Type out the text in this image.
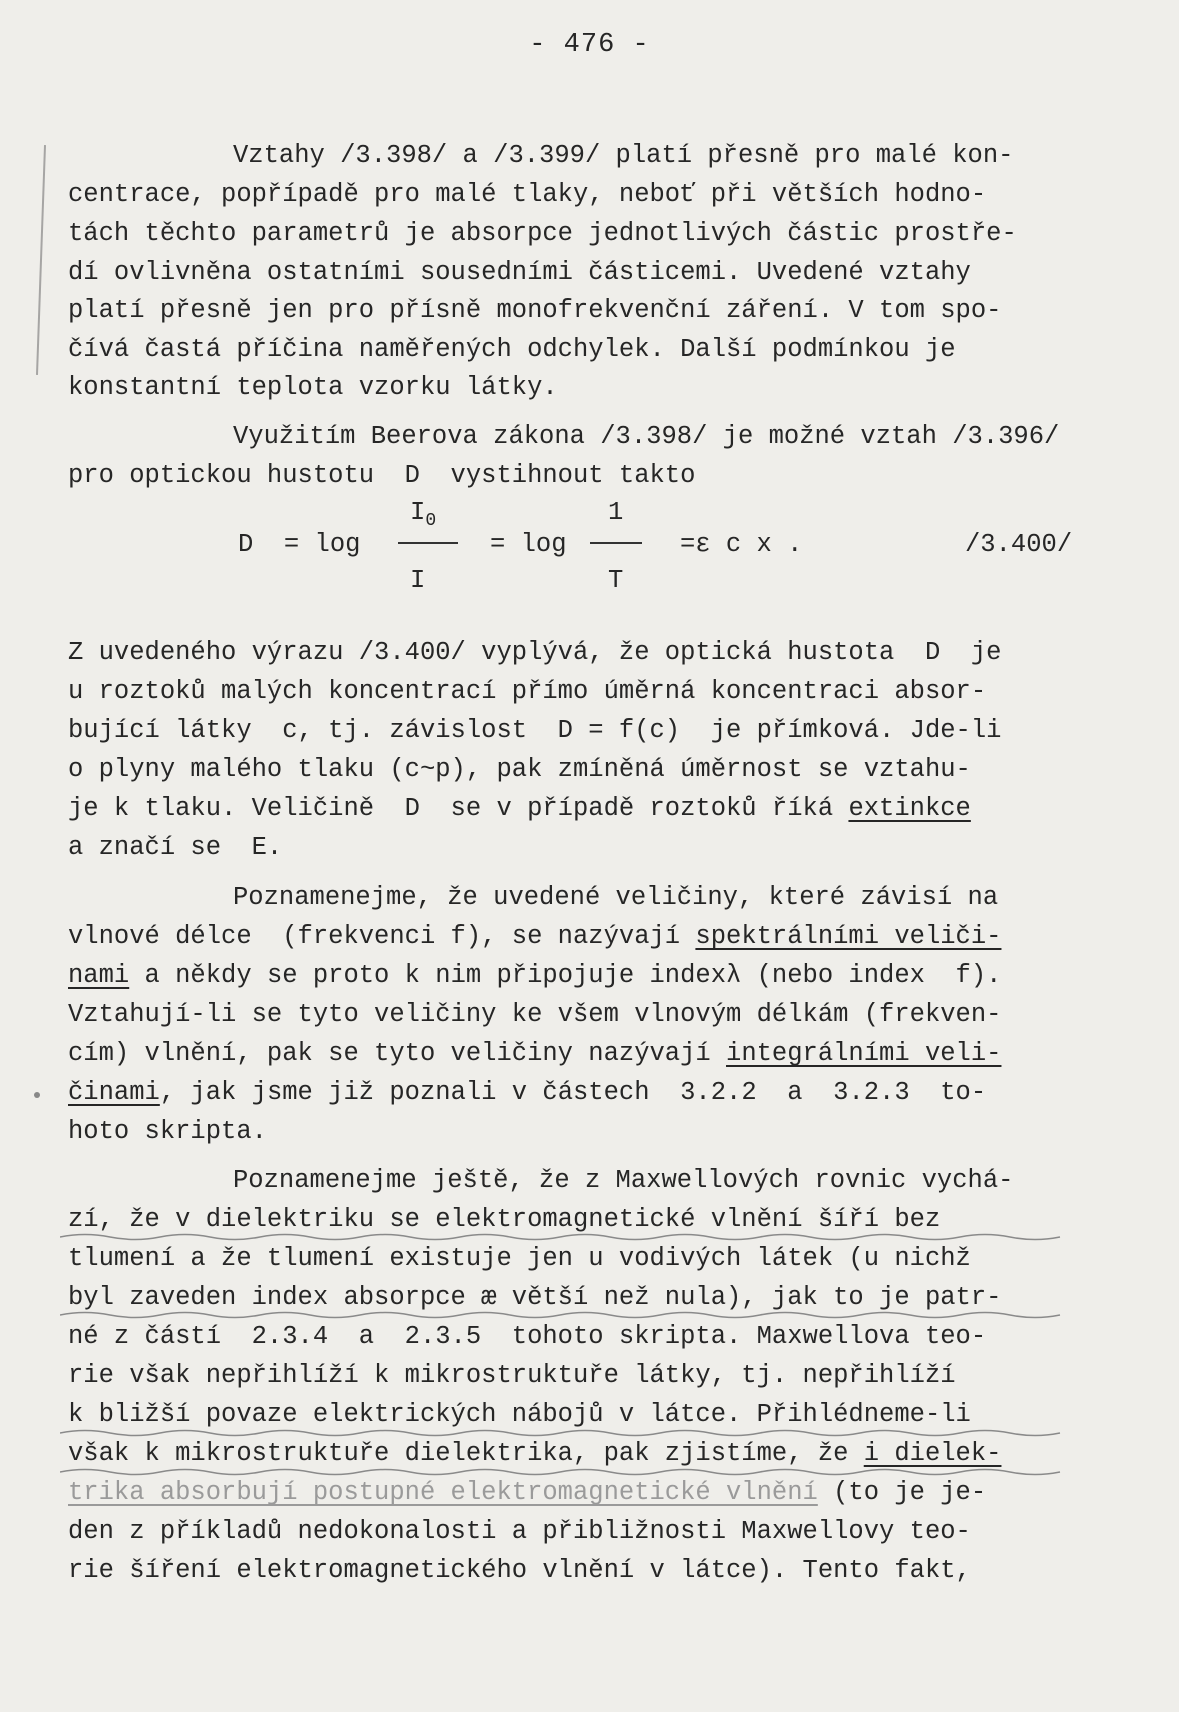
- 476 -
Vztahy /3.398/ a /3.399/ platí přesně pro malé kon-
centrace, popřípadě pro malé tlaky, neboť při větších hodno-
tách těchto parametrů je absorpce jednotlivých částic prostře-
dí ovlivněna ostatními sousedními částicemi. Uvedené vztahy
platí přesně jen pro přísně monofrekvenční záření. V tom spo-
čívá častá příčina naměřených odchylek. Další podmínkou je
konstantní teplota vzorku látky.
Využitím Beerova zákona /3.398/ je možné vztah /3.396/
pro optickou hustotu  D  vystihnout takto
D  = log
$I_0$
I
= log
1
T
=ε c x .	/3.400/
Z uvedeného výrazu /3.400/ vyplývá, že optická hustota  D  je
u roztoků malých koncentrací přímo úměrná koncentraci absor-
bující látky  c, tj. závislost  D = f(c)  je přímková. Jde-li
o plyny malého tlaku (c~p), pak zmíněná úměrnost se vztahu-
je k tlaku. Veličině  D  se v případě roztoků říká extinkce
a značí se  E.
Poznamenejme, že uvedené veličiny, které závisí na
vlnové délce  (frekvenci f), se nazývají spektrálními veliči-
nami a někdy se proto k nim připojuje indexλ (nebo index  f).
Vztahují-li se tyto veličiny ke všem vlnovým délkám (frekven-
cím) vlnění, pak se tyto veličiny nazývají integrálními veli-
činami, jak jsme již poznali v částech  3.2.2  a  3.2.3  to-
hoto skripta.
Poznamenejme ještě, že z Maxwellových rovnic vychá-
zí, že v dielektriku se elektromagnetické vlnění šíří bez
tlumení a že tlumení existuje jen u vodivých látek (u nichž
byl zaveden index absorpce æ větší než nula), jak to je patr-
né z částí  2.3.4  a  2.3.5  tohoto skripta. Maxwellova teo-
rie však nepřihlíží k mikrostruktuře látky, tj. nepřihlíží
k bližší povaze elektrických nábojů v látce. Přihlédneme-li
však k mikrostruktuře dielektrika, pak zjistíme, že i dielek-
trika absorbují postupné elektromagnetické vlnění (to je je-
den z příkladů nedokonalosti a přibližnosti Maxwellovy teo-
rie šíření elektromagnetického vlnění v látce). Tento fakt,
